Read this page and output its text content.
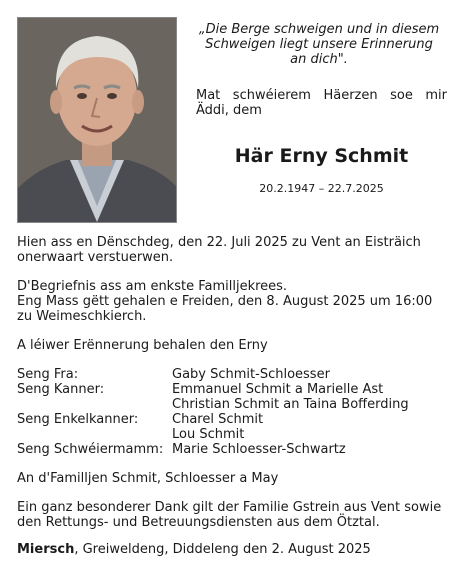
„Die Berge schweigen und in diesem
Schweigen liegt unsere Erinnerung
an dich".
Mat schwéierem Häerzen soe mir Äddi, dem
Här Erny Schmit
20.2.1947 – 22.7.2025

Hien ass en Dënschdeg, den 22. Juli 2025 zu Vent an Eisträich onerwaart verstuerwen.

D'Begriefnis ass am enkste Familljekrees.

Eng Mass gëtt gehalen e Freiden, den 8. August 2025 um 16:00 zu Weimeschkierch.

A léiwer Erënnerung behalen den Erny

Seng Fra:	Gaby Schmit-Schloesser
Seng Kanner:	Emmanuel Schmit a Marielle Ast
Christian Schmit an Taina Bofferding
Seng Enkelkanner:	Charel Schmit
Lou Schmit
Seng Schwéiermamm: Marie Schloesser-Schwartz

An d'Familljen Schmit, Schloesser a May

Ein ganz besonderer Dank gilt der Familie Gstrein aus Vent sowie den Rettungs- und Betreuungsdiensten aus dem Ötztal.

Miersch, Greiweldeng, Diddeleng den 2. August 2025
